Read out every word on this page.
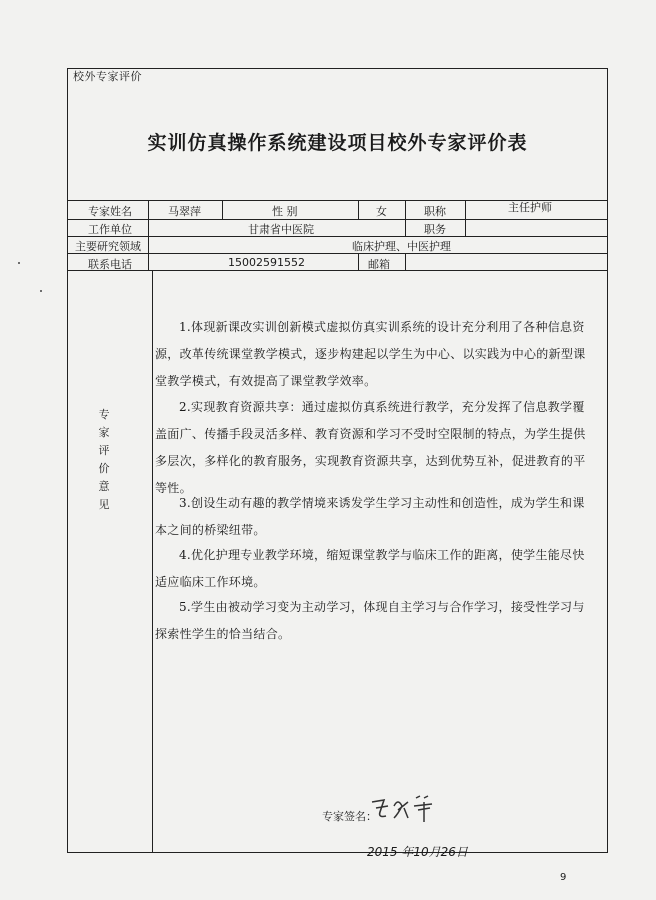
校外专家评价
实训仿真操作系统建设项目校外专家评价表
专家姓名	马翠萍	性 别	女	职称	主任护师
工作单位	甘肃省中医院	职务
主要研究领域	临床护理、中医护理
联系电话	15002591552	邮箱
专
家
评
价
意
见
1.体现新课改实训创新模式虚拟仿真实训系统的设计充分利用了各种信息资源，改革传统课堂教学模式，逐步构建起以学生为中心、以实践为中心的新型课堂教学模式，有效提高了课堂教学效率。
2.实现教育资源共享：通过虚拟仿真系统进行教学，充分发挥了信息教学覆盖面广、传播手段灵活多样、教育资源和学习不受时空限制的特点，为学生提供多层次，多样化的教育服务，实现教育资源共享，达到优势互补，促进教育的平等性。
3.创设生动有趣的教学情境来诱发学生学习主动性和创造性，成为学生和课本之间的桥梁纽带。
4.优化护理专业教学环境，缩短课堂教学与临床工作的距离，使学生能尽快适应临床工作环境。
5.学生由被动学习变为主动学习，体现自主学习与合作学习，接受性学习与探索性学生的恰当结合。
专家签名：
2015 年10月26日
9
